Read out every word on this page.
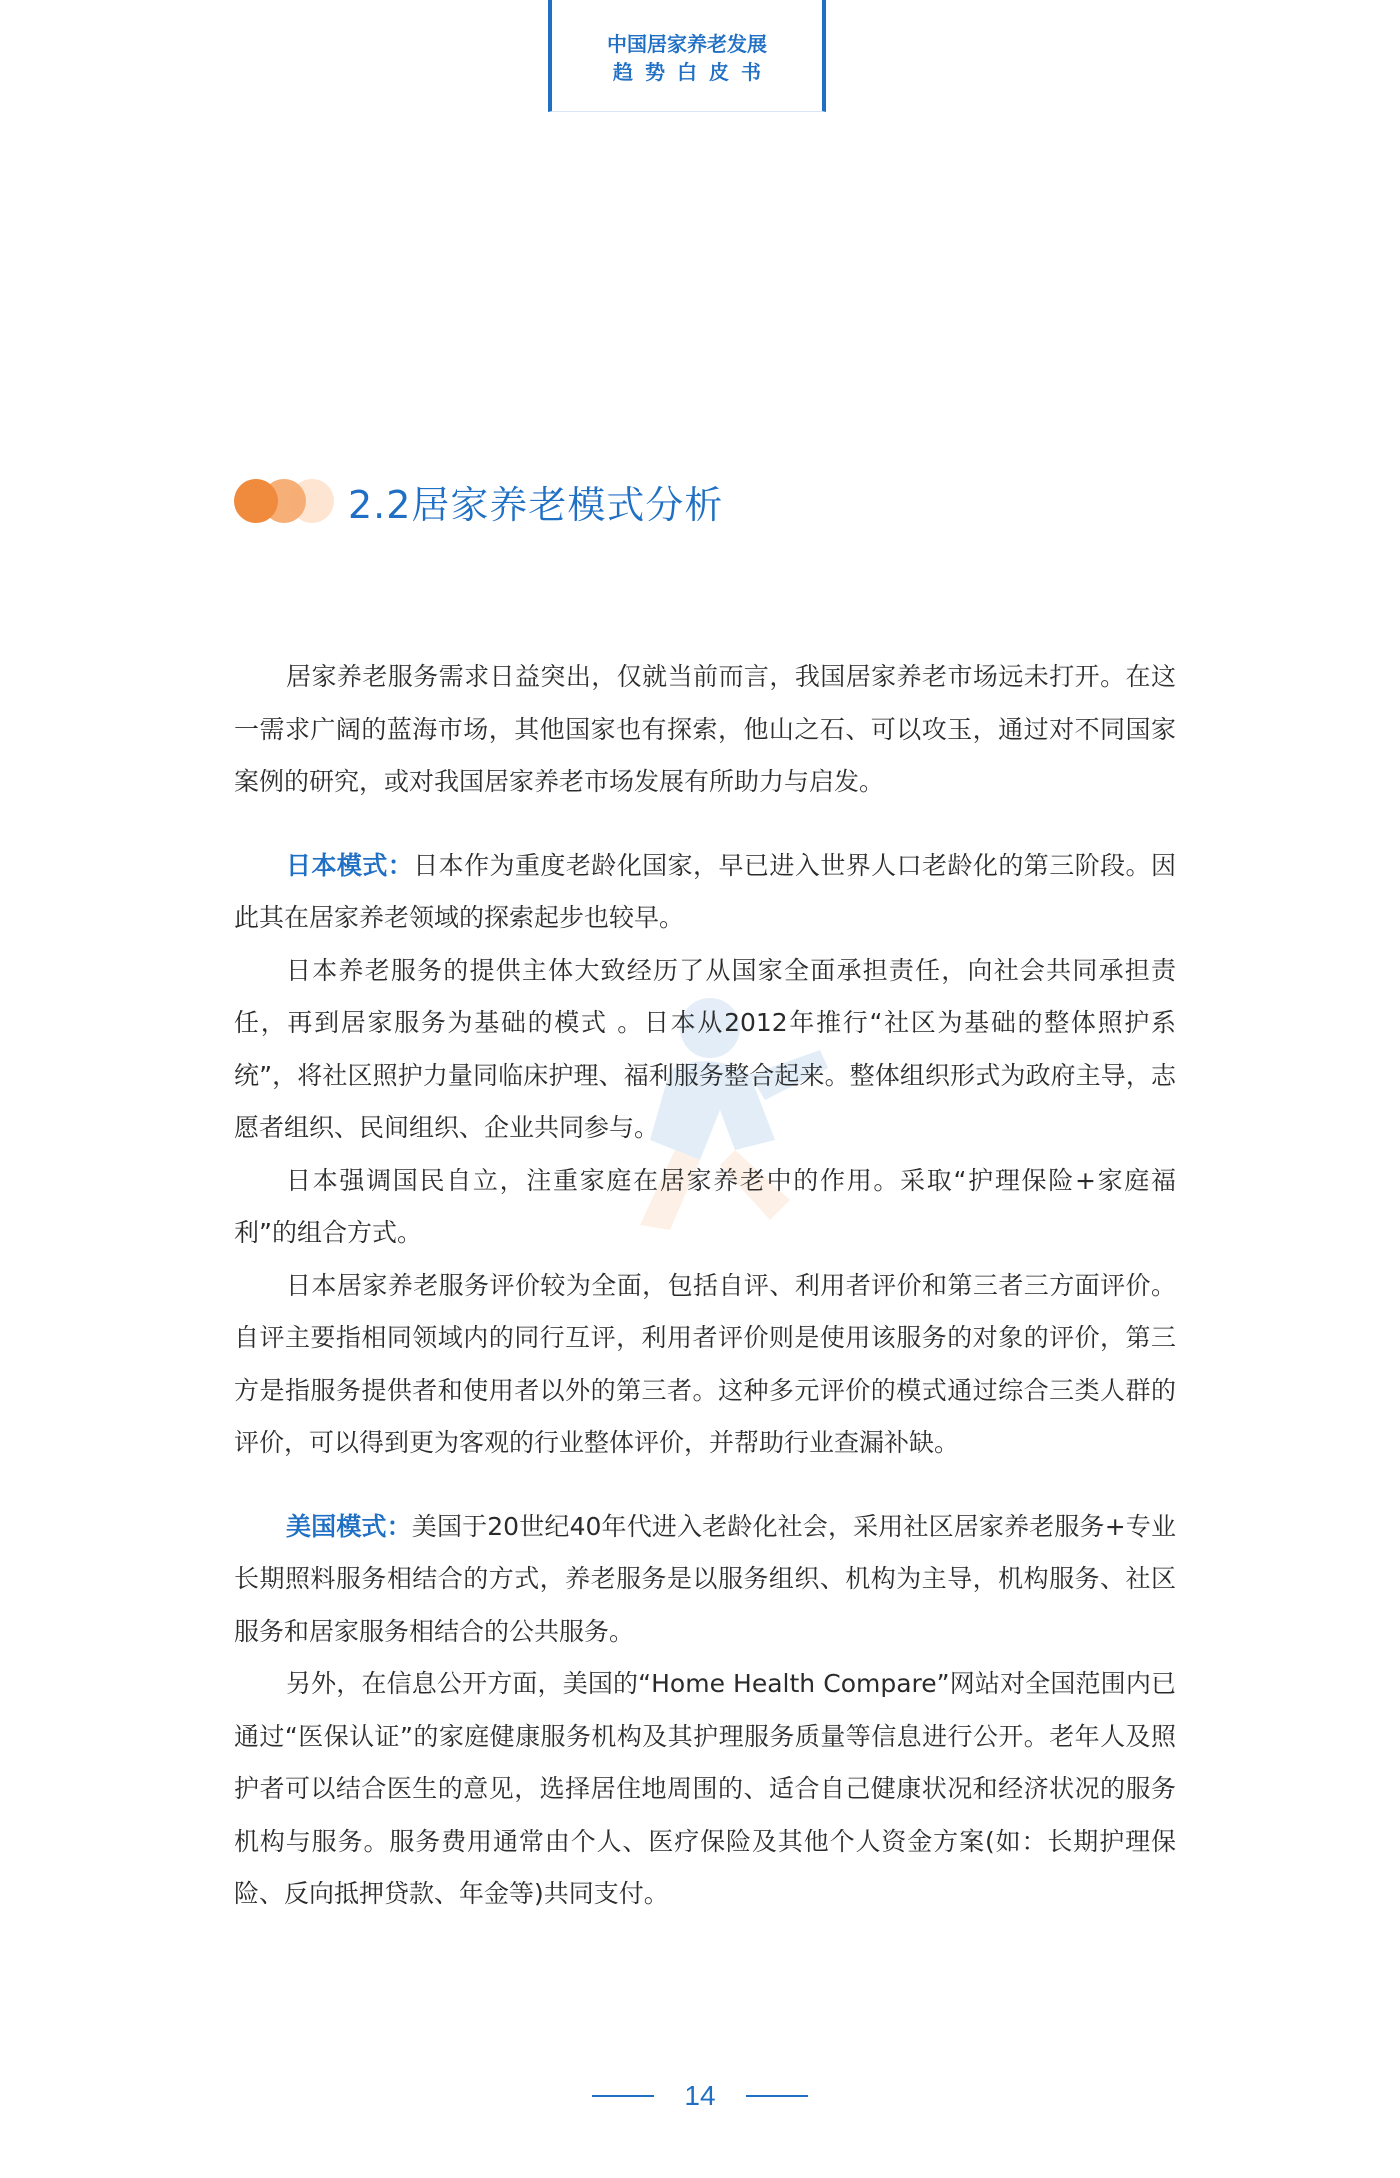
中国居家养老发展
趋势白皮书
2.2居家养老模式分析

居家养老服务需求日益突出，仅就当前而言，我国居家养老市场远未打开。在这一需求广阔的蓝海市场，其他国家也有探索，他山之石、可以攻玉，通过对不同国家案例的研究，或对我国居家养老市场发展有所助力与启发。

日本模式：日本作为重度老龄化国家，早已进入世界人口老龄化的第三阶段。因此其在居家养老领域的探索起步也较早。

日本养老服务的提供主体大致经历了从国家全面承担责任，向社会共同承担责任，再到居家服务为基础的模式 。日本从2012年推行“社区为基础的整体照护系统”，将社区照护力量同临床护理、福利服务整合起来。整体组织形式为政府主导，志愿者组织、民间组织、企业共同参与。

日本强调国民自立，注重家庭在居家养老中的作用。采取“护理保险+家庭福利”的组合方式。

日本居家养老服务评价较为全面，包括自评、利用者评价和第三者三方面评价。自评主要指相同领域内的同行互评，利用者评价则是使用该服务的对象的评价，第三方是指服务提供者和使用者以外的第三者。这种多元评价的模式通过综合三类人群的评价，可以得到更为客观的行业整体评价，并帮助行业查漏补缺。

美国模式：美国于20世纪40年代进入老龄化社会，采用社区居家养老服务+专业长期照料服务相结合的方式，养老服务是以服务组织、机构为主导，机构服务、社区服务和居家服务相结合的公共服务。

另外，在信息公开方面，美国的“Home Health Compare”网站对全国范围内已通过“医保认证”的家庭健康服务机构及其护理服务质量等信息进行公开。老年人及照护者可以结合医生的意见，选择居住地周围的、适合自己健康状况和经济状况的服务机构与服务。服务费用通常由个人、医疗保险及其他个人资金方案(如：长期护理保险、反向抵押贷款、年金等)共同支付。

14
